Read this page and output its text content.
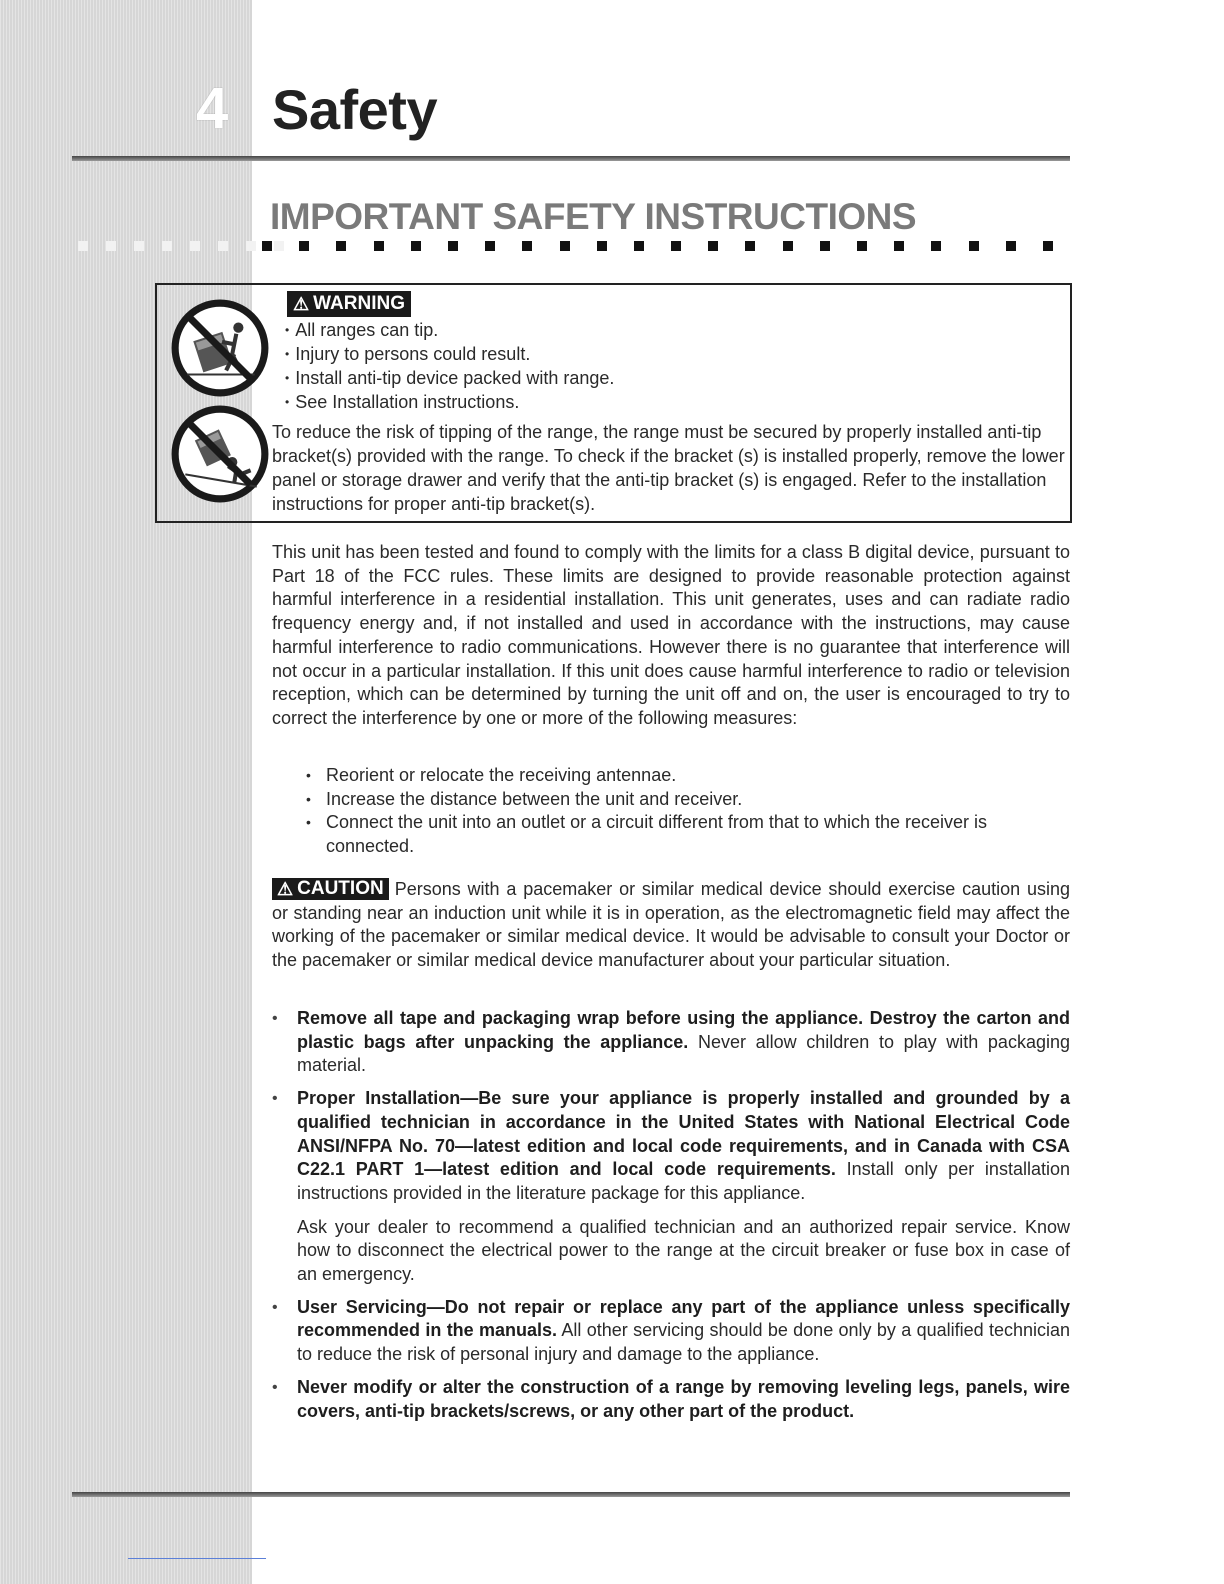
4 Safety
IMPORTANT SAFETY INSTRUCTIONS
⚠ WARNING
• All ranges can tip.
• Injury to persons could result.
• Install anti-tip device packed with range.
• See Installation instructions.

To reduce the risk of tipping of the range, the range must be secured by properly installed anti-tip bracket(s) provided with the range. To check if the bracket (s) is installed properly, remove the lower panel or storage drawer and verify that the anti-tip bracket (s) is engaged. Refer to the installation instructions for proper anti-tip bracket(s).

This unit has been tested and found to comply with the limits for a class B digital device, pursuant to Part 18 of the FCC rules. These limits are designed to provide reasonable protection against harmful interference in a residential installation. This unit generates, uses and can radiate radio frequency energy and, if not installed and used in accordance with the instructions, may cause harmful interference to radio communications. However there is no guarantee that interference will not occur in a particular installation. If this unit does cause harmful interference to radio or television reception, which can be determined by turning the unit off and on, the user is encouraged to try to correct the interference by one or more of the following measures:

• Reorient or relocate the receiving antennae.
• Increase the distance between the unit and receiver.
• Connect the unit into an outlet or a circuit different from that to which the receiver is connected.

⚠ CAUTION Persons with a pacemaker or similar medical device should exercise caution using or standing near an induction unit while it is in operation, as the electromagnetic field may affect the working of the pacemaker or similar medical device. It would be advisable to consult your Doctor or the pacemaker or similar medical device manufacturer about your particular situation.

• Remove all tape and packaging wrap before using the appliance. Destroy the carton and plastic bags after unpacking the appliance. Never allow children to play with packaging material.
• Proper Installation—Be sure your appliance is properly installed and grounded by a qualified technician in accordance in the United States with National Electrical Code ANSI/NFPA No. 70—latest edition and local code requirements, and in Canada with CSA C22.1 PART 1—latest edition and local code requirements. Install only per installation instructions provided in the literature package for this appliance.

Ask your dealer to recommend a qualified technician and an authorized repair service. Know how to disconnect the electrical power to the range at the circuit breaker or fuse box in case of an emergency.

• User Servicing—Do not repair or replace any part of the appliance unless specifically recommended in the manuals. All other servicing should be done only by a qualified technician to reduce the risk of personal injury and damage to the appliance.
• Never modify or alter the construction of a range by removing leveling legs, panels, wire covers, anti-tip brackets/screws, or any other part of the product.
